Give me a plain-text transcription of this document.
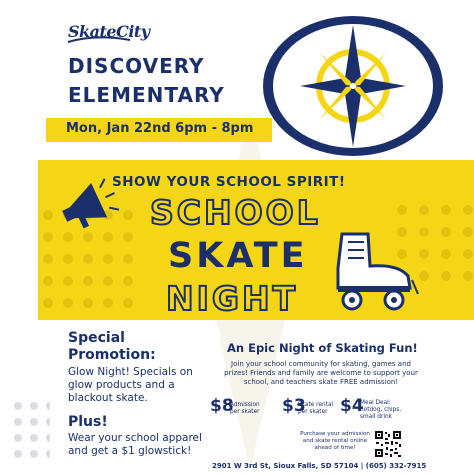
SkateCity
DISCOVERY
ELEMENTARY
Mon, Jan 22nd 6pm - 8pm
SHOW YOUR SCHOOL SPIRIT!
SCHOOL
SKATE
NIGHT
Special Promotion:
Glow Night! Specials on glow products and a blackout skate.
Plus!
Wear your school apparel and get a $1 glowstick!
An Epic Night of Skating Fun!
Join your school community for skating, games and prizes! Friends and family are welcome to support your school, and teachers skate FREE admission!
$8
Admission per skater	$3
Skate rental per skater $4
Meal Deal: hotdog, chips, small drink
Purchase your admission and skate rental online ahead of time!
2901 W 3rd St, Sioux Falls, SD 57104 | (605) 332-7915
